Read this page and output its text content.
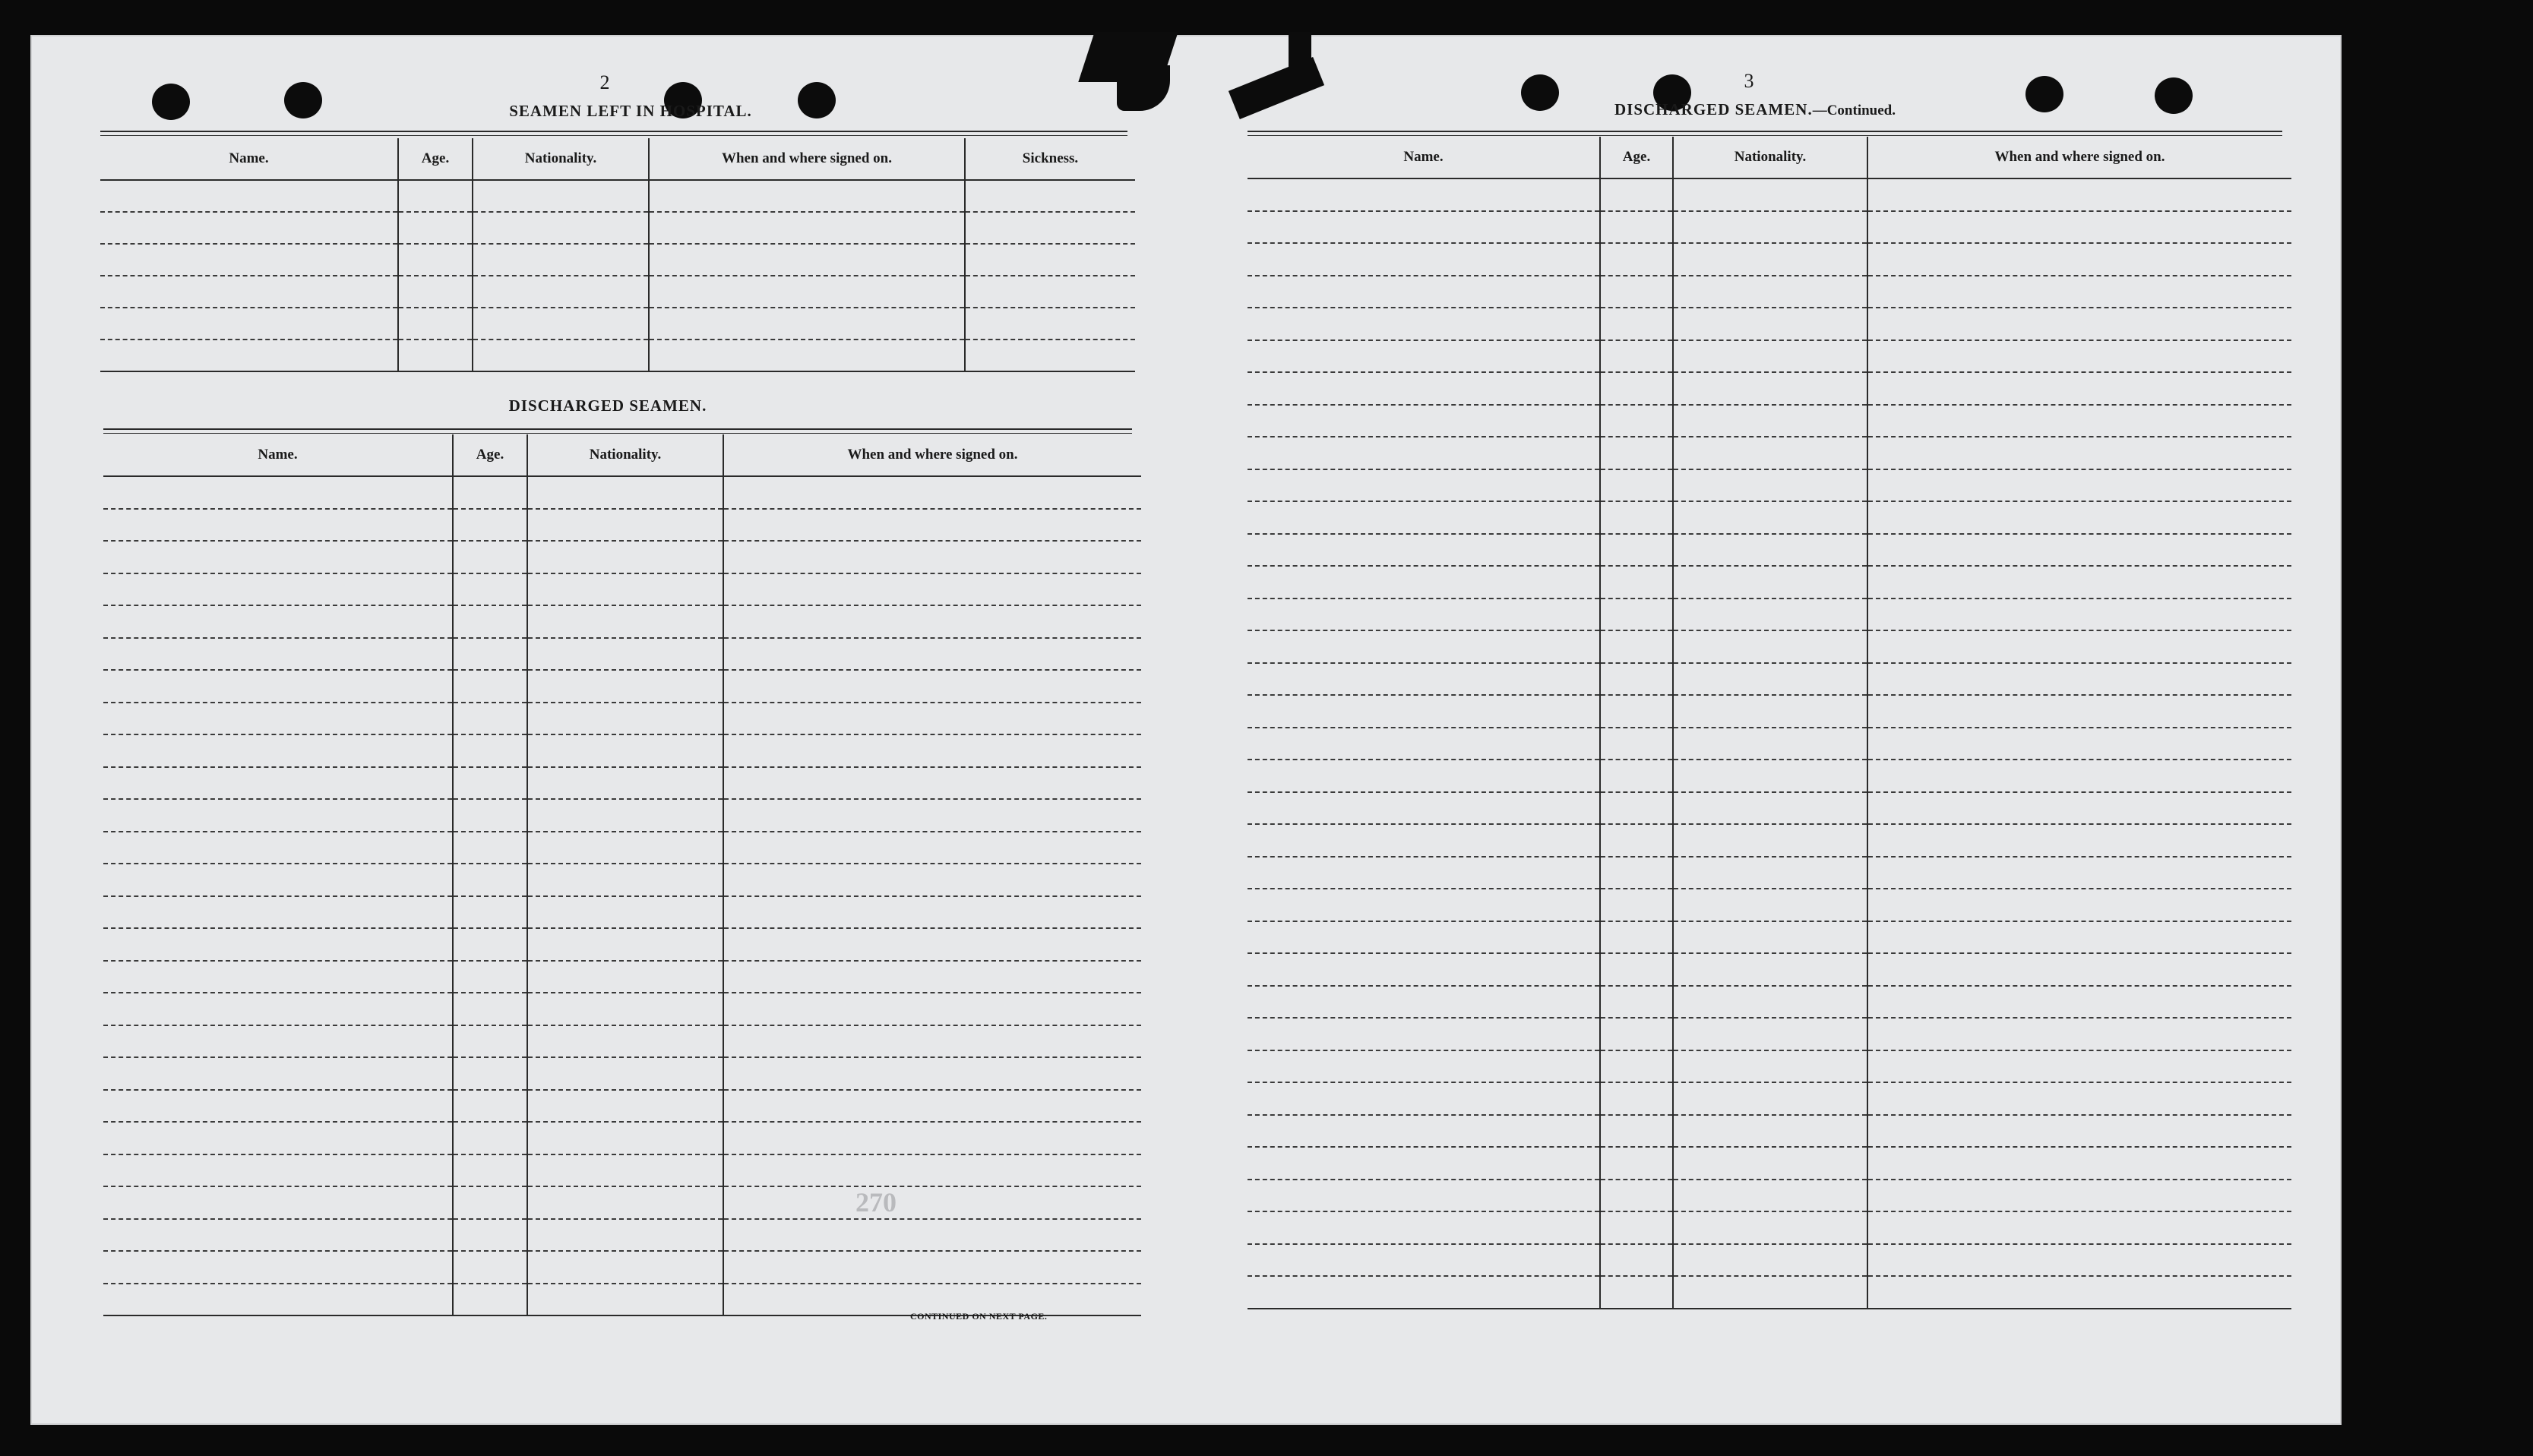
2
SEAMEN LEFT IN HOSPITAL.
Name.	Age.	Nationality.	When and where signed on.	Sickness.

DISCHARGED SEAMEN.
Name.	Age.	Nationality.	When and where signed on.

270
CONTINUED ON NEXT PAGE.
3
DISCHARGED SEAMEN.—Continued.
Name.	Age.	Nationality.	When and where signed on.
